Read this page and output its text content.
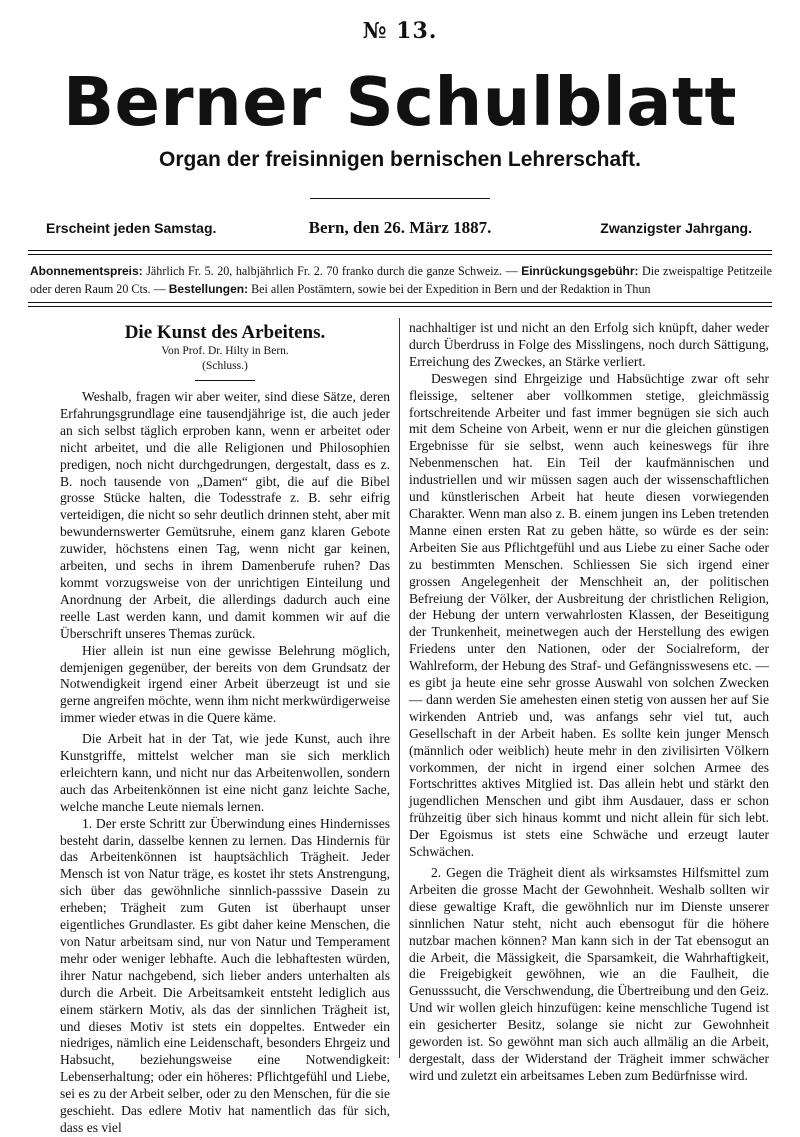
№ 13.
Berner Schulblatt
Organ der freisinnigen bernischen Lehrerschaft.
Erscheint jeden Samstag.	Bern, den 26. März 1887.	Zwanzigster Jahrgang.
Abonnementspreis: Jährlich Fr. 5. 20, halbjährlich Fr. 2. 70 franko durch die ganze Schweiz. — Einrückungsgebühr: Die zweispaltige Petitzeile oder deren Raum 20 Cts. — Bestellungen: Bei allen Postämtern, sowie bei der Expedition in Bern und der Redaktion in Thun
Die Kunst des Arbeitens.
Von Prof. Dr. Hilty in Bern.
(Schluss.)

Weshalb, fragen wir aber weiter, sind diese Sätze, deren Erfahrungsgrundlage eine tausendjährige ist, die auch jeder an sich selbst täglich erproben kann, wenn er arbeitet oder nicht arbeitet, und die alle Religionen und Philosophien predigen, noch nicht durchgedrungen, dergestalt, dass es z. B. noch tausende von „Damen“ gibt, die auf die Bibel grosse Stücke halten, die Todesstrafe z. B. sehr eifrig verteidigen, die nicht so sehr deutlich drinnen steht, aber mit bewundernswerter Gemütsruhe, einem ganz klaren Gebote zuwider, höchstens einen Tag, wenn nicht gar keinen, arbeiten, und sechs in ihrem Damenberufe ruhen? Das kommt vorzugsweise von der unrichtigen Einteilung und Anordnung der Arbeit, die allerdings dadurch auch eine reelle Last werden kann, und damit kommen wir auf die Überschrift unseres Themas zurück.

Hier allein ist nun eine gewisse Belehrung möglich, demjenigen gegenüber, der bereits von dem Grundsatz der Notwendigkeit irgend einer Arbeit überzeugt ist und sie gerne angreifen möchte, wenn ihm nicht merkwürdigerweise immer wieder etwas in die Quere käme.

Die Arbeit hat in der Tat, wie jede Kunst, auch ihre Kunstgriffe, mittelst welcher man sie sich merklich erleichtern kann, und nicht nur das Arbeitenwollen, sondern auch das Arbeitenkönnen ist eine nicht ganz leichte Sache, welche manche Leute niemals lernen.

1. Der erste Schritt zur Überwindung eines Hindernisses besteht darin, dasselbe kennen zu lernen. Das Hindernis für das Arbeitenkönnen ist hauptsächlich Trägheit. Jeder Mensch ist von Natur träge, es kostet ihr stets Anstrengung, sich über das gewöhnliche sinnlich-passsive Dasein zu erheben; Trägheit zum Guten ist überhaupt unser eigentliches Grundlaster. Es gibt daher keine Menschen, die von Natur arbeitsam sind, nur von Natur und Temperament mehr oder weniger lebhafte. Auch die lebhaftesten würden, ihrer Natur nachgebend, sich lieber anders unterhalten als durch die Arbeit. Die Arbeitsamkeit entsteht lediglich aus einem stärkern Motiv, als das der sinnlichen Trägheit ist, und dieses Motiv ist stets ein doppeltes. Entweder ein niedriges, nämlich eine Leidenschaft, besonders Ehrgeiz und Habsucht, beziehungsweise eine Notwendigkeit: Lebenserhaltung; oder ein höheres: Pflichtgefühl und Liebe, sei es zu der Arbeit selber, oder zu den Menschen, für die sie geschieht. Das edlere Motiv hat namentlich das für sich, dass es viel

nachhaltiger ist und nicht an den Erfolg sich knüpft, daher weder durch Überdruss in Folge des Misslingens, noch durch Sättigung, Erreichung des Zweckes, an Stärke verliert.

Deswegen sind Ehrgeizige und Habsüchtige zwar oft sehr fleissige, seltener aber vollkommen stetige, gleichmässig fortschreitende Arbeiter und fast immer begnügen sie sich auch mit dem Scheine von Arbeit, wenn er nur die gleichen günstigen Ergebnisse für sie selbst, wenn auch keineswegs für ihre Nebenmenschen hat. Ein Teil der kaufmännischen und industriellen und wir müssen sagen auch der wissenschaftlichen und künstlerischen Arbeit hat heute diesen vorwiegenden Charakter. Wenn man also z. B. einem jungen ins Leben tretenden Manne einen ersten Rat zu geben hätte, so würde es der sein: Arbeiten Sie aus Pflichtgefühl und aus Liebe zu einer Sache oder zu bestimmten Menschen. Schliessen Sie sich irgend einer grossen Angelegenheit der Menschheit an, der politischen Befreiung der Völker, der Ausbreitung der christlichen Religion, der Hebung der untern verwahrlosten Klassen, der Beseitigung der Trunkenheit, meinetwegen auch der Herstellung des ewigen Friedens unter den Nationen, oder der Socialreform, der Wahlreform, der Hebung des Straf- und Gefängnisswesens etc. — es gibt ja heute eine sehr grosse Auswahl von solchen Zwecken — dann werden Sie amehesten einen stetig von aussen her auf Sie wirkenden Antrieb und, was anfangs sehr viel tut, auch Gesellschaft in der Arbeit haben. Es sollte kein junger Mensch (männlich oder weiblich) heute mehr in den zivilisirten Völkern vorkommen, der nicht in irgend einer solchen Armee des Fortschrittes aktives Mitglied ist. Das allein hebt und stärkt den jugendlichen Menschen und gibt ihm Ausdauer, dass er schon frühzeitig über sich hinaus kommt und nicht allein für sich lebt. Der Egoismus ist stets eine Schwäche und erzeugt lauter Schwächen.

2. Gegen die Trägheit dient als wirksamstes Hilfsmittel zum Arbeiten die grosse Macht der Gewohnheit. Weshalb sollten wir diese gewaltige Kraft, die gewöhnlich nur im Dienste unserer sinnlichen Natur steht, nicht auch ebensogut für die höhere nutzbar machen können? Man kann sich in der Tat ebensogut an die Arbeit, die Mässigkeit, die Sparsamkeit, die Wahrhaftigkeit, die Freigebigkeit gewöhnen, wie an die Faulheit, die Genusssucht, die Verschwendung, die Übertreibung und den Geiz. Und wir wollen gleich hinzufügen: keine menschliche Tugend ist ein gesicherter Besitz, solange sie nicht zur Gewohnheit geworden ist. So gewöhnt man sich auch allmälig an die Arbeit, dergestalt, dass der Widerstand der Trägheit immer schwächer wird und zuletzt ein arbeitsames Leben zum Bedürfnisse wird.
